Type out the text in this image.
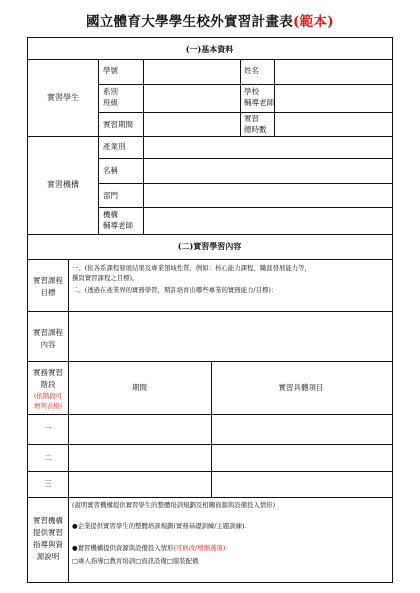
國立體育大學學生校外實習計畫表(範本)
(一)基本資料
實習學生
學號	姓名
系別
班級
學校
輔導老師
實習期間
實習
總時數
實習機構
產業別
名稱
部門
機構
輔導老師
(二)實習學習內容
實習課程
目標
一、(依各系課程發展結果及專業領域性質，例如：核心能力課程、職涯發展能力等，
撰寫實習課程之目標)。
二、(透過在產業界的實務學習，期許培育出哪些專業的實務能力/目標)：
實習課程
內容
實務實習
階段
(依階段可
增列表格)
期間	實習具體項目
一
二
三
實習機構
提供實習
指導與資
源說明
(說明實習機構提供實習學生的整體培訓規劃及相關資源與設備投入情形)
●企業提供實習學生的整體培訓規劃(實務基礎訓練/主題訓練)：
●實習機構提供資源與設備投入情形(可修改/增刪選項)：
□專人指導□教育培訓□資訊設備□服裝配備
